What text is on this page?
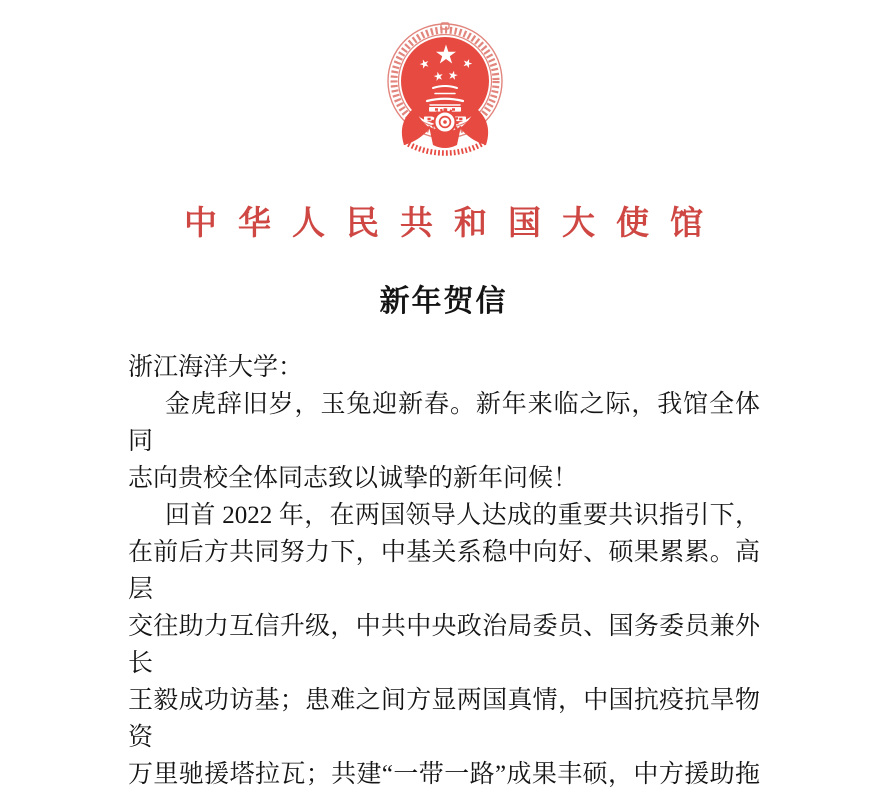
中华人民共和国大使馆
新年贺信
浙江海洋大学：
金虎辞旧岁，玉兔迎新春。新年来临之际，我馆全体同
志向贵校全体同志致以诚挚的新年问候！
回首 2022 年，在两国领导人达成的重要共识指引下，
在前后方共同努力下，中基关系稳中向好、硕果累累。高层
交往助力互信升级，中共中央政治局委员、国务委员兼外长
王毅成功访基；患难之间方显两国真情，中国抗疫抗旱物资
万里驰援塔拉瓦；共建“一带一路”成果丰硕，中方援助拖
